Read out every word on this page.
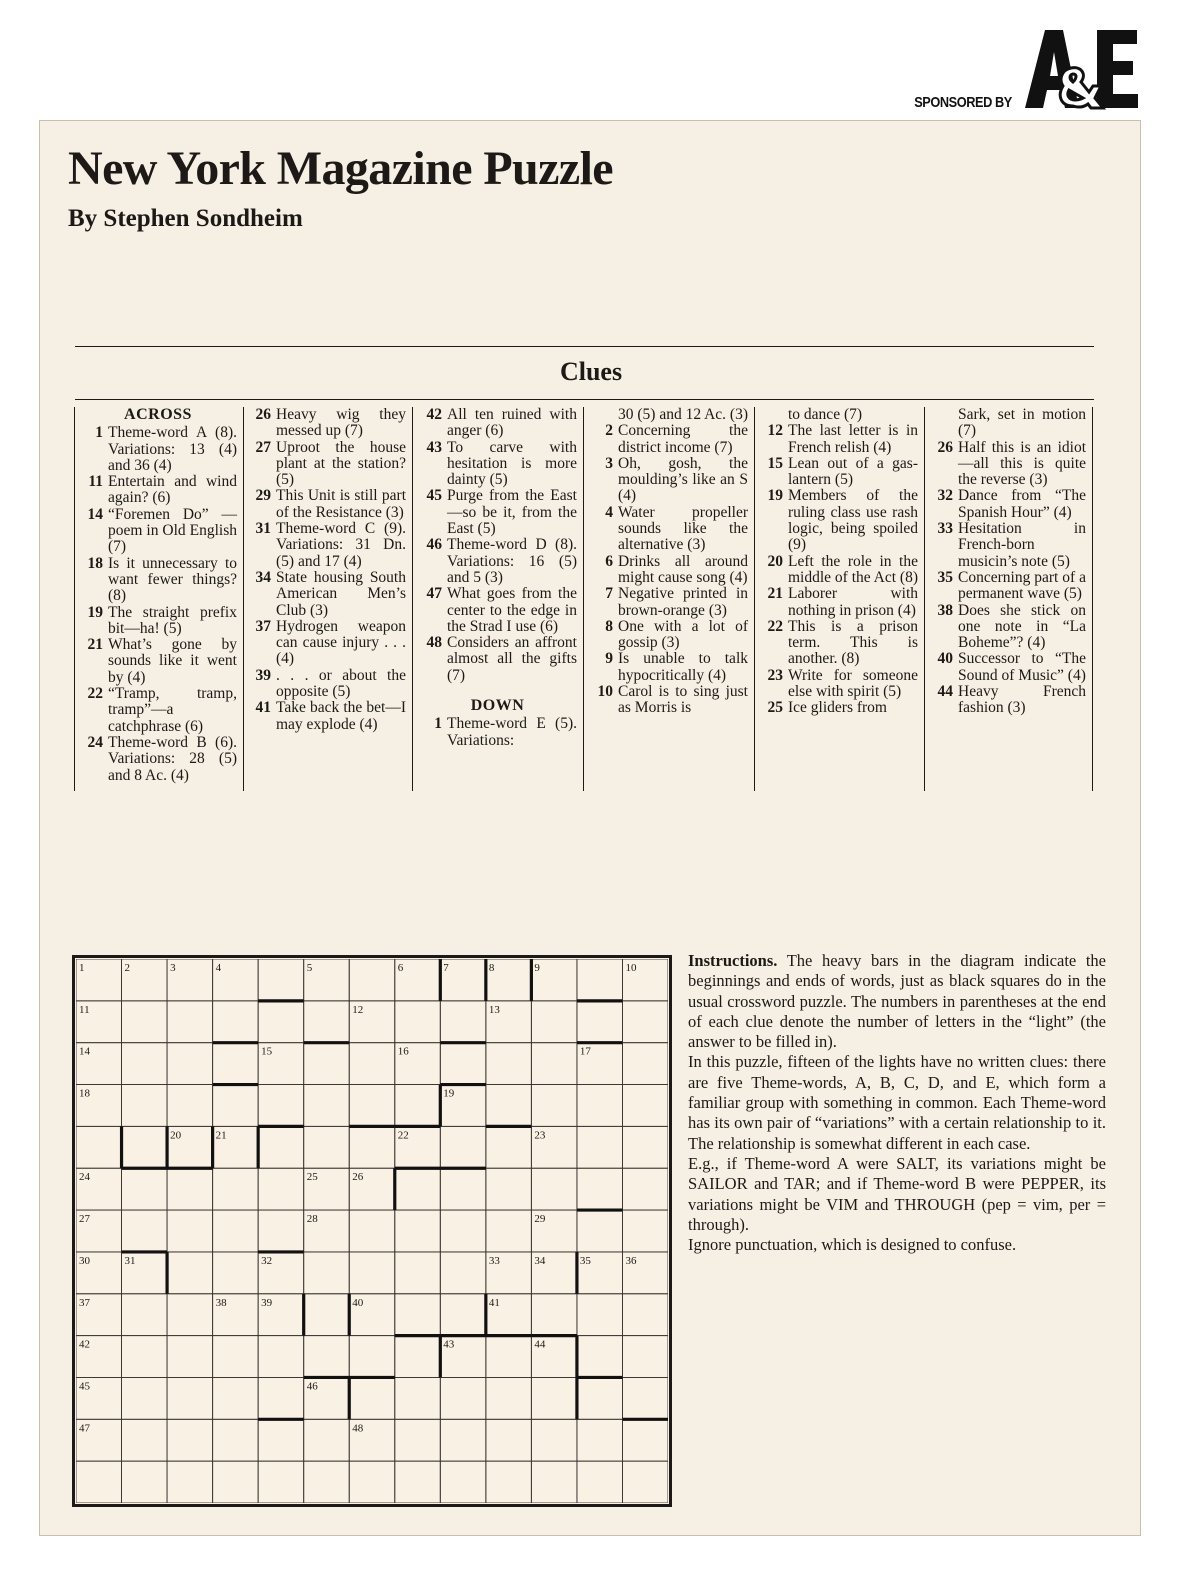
SPONSORED BY
New York Magazine Puzzle
By Stephen Sondheim
Clues
ACROSS
1 Theme-word A (8). Variations: 13 (4) and 36 (4)
11 Entertain and wind again? (6)
14 “Foremen Do” —poem in Old English (7)
18 Is it unnecessary to want fewer things? (8)
19 The straight prefix bit—ha! (5)
21 What’s gone by sounds like it went by (4)
22 “Tramp, tramp, tramp”—a catchphrase (6)
24 Theme-word B (6). Variations: 28 (5) and 8 Ac. (4)
26 Heavy wig they messed up (7)
27 Uproot the house plant at the station? (5)
29 This Unit is still part of the Resistance (3)
31 Theme-word C (9). Variations: 31 Dn. (5) and 17 (4)
34 State housing South American Men’s Club (3)
37 Hydrogen weapon can cause injury . . . (4)
39 . . . or about the opposite (5)
41 Take back the bet—I may explode (4)
42 All ten ruined with anger (6)
43 To carve with hesitation is more dainty (5)
45 Purge from the East—so be it, from the East (5)
46 Theme-word D (8). Variations: 16 (5) and 5 (3)
47 What goes from the center to the edge in the Strad I use (6)
48 Considers an affront almost all the gifts (7)
DOWN
1 Theme-word E (5). Variations:
30 (5) and 12 Ac. (3)
2 Concerning the district income (7)
3 Oh, gosh, the moulding’s like an S (4)
4 Water propeller sounds like the alternative (3)
6 Drinks all around might cause song (4)
7 Negative printed in brown-orange (3)
8 One with a lot of gossip (3)
9 Is unable to talk hypocritically (4)
10 Carol is to sing just as Morris is
to dance (7)
12 The last letter is in French relish (4)
15 Lean out of a gas-lantern (5)
19 Members of the ruling class use rash logic, being spoiled (9)
20 Left the role in the middle of the Act (8)
21 Laborer with nothing in prison (4)
22 This is a prison term. This is another. (8)
23 Write for someone else with spirit (5)
25 Ice gliders from
Sark, set in motion (7)
26 Half this is an idiot—all this is quite the reverse (3)
32 Dance from “The Spanish Hour” (4)
33 Hesitation in French-born musicin’s note (5)
35 Concerning part of a permanent wave (5)
38 Does she stick on one note in “La Boheme”? (4)
40 Successor to “The Sound of Music” (4)
44 Heavy French fashion (3)
1	2	3	4	5	6	7	8	9	10
11	12	13
14	15	16	17
18	19
20	21	22	23
24	25	26
27	28	29
30	31	32	33	34	35	36
37	38	39	40	41
42	43	44
45	46
47	48

Instructions. The heavy bars in the diagram indicate the beginnings and ends of words, just as black squares do in the usual crossword puzzle. The numbers in parentheses at the end of each clue denote the number of letters in the “light” (the answer to be filled in).

In this puzzle, fifteen of the lights have no written clues: there are five Theme-words, A, B, C, D, and E, which form a familiar group with something in common. Each Theme-word has its own pair of “variations” with a certain relationship to it. The relationship is somewhat different in each case.

E.g., if Theme-word A were SALT, its variations might be SAILOR and TAR; and if Theme-word B were PEPPER, its variations might be VIM and THROUGH (pep = vim, per = through).

Ignore punctuation, which is designed to confuse.
